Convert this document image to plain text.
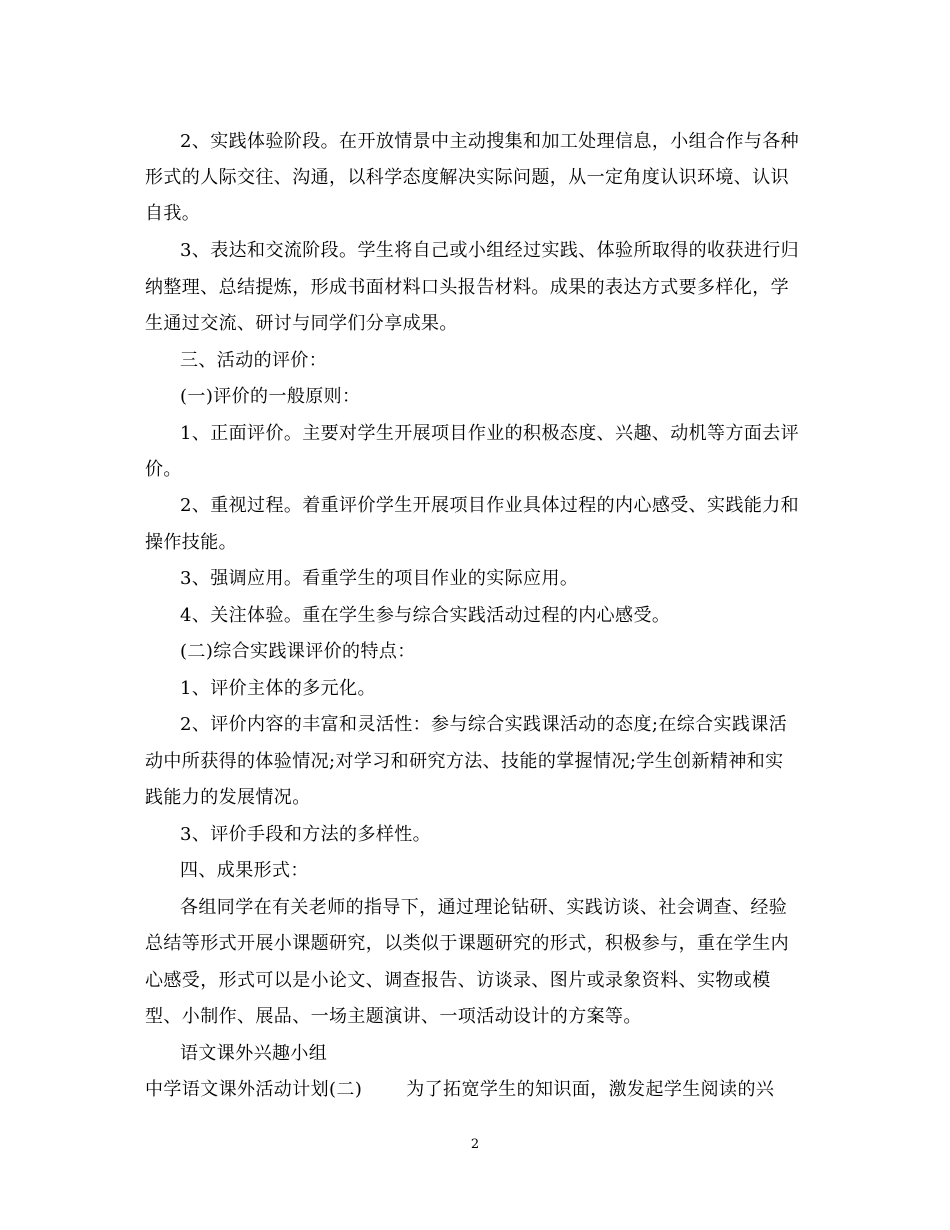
2、实践体验阶段。在开放情景中主动搜集和加工处理信息，小组合作与各种
形式的人际交往、沟通，以科学态度解决实际问题，从一定角度认识环境、认识
自我。
3、表达和交流阶段。学生将自己或小组经过实践、体验所取得的收获进行归
纳整理、总结提炼，形成书面材料口头报告材料。成果的表达方式要多样化，学
生通过交流、研讨与同学们分享成果。
三、活动的评价：
(一)评价的一般原则：
1、正面评价。主要对学生开展项目作业的积极态度、兴趣、动机等方面去评
价。
2、重视过程。着重评价学生开展项目作业具体过程的内心感受、实践能力和
操作技能。
3、强调应用。看重学生的项目作业的实际应用。
4、关注体验。重在学生参与综合实践活动过程的内心感受。
(二)综合实践课评价的特点：
1、评价主体的多元化。
2、评价内容的丰富和灵活性：参与综合实践课活动的态度;在综合实践课活
动中所获得的体验情况;对学习和研究方法、技能的掌握情况;学生创新精神和实
践能力的发展情况。
3、评价手段和方法的多样性。
四、成果形式：
各组同学在有关老师的指导下，通过理论钻研、实践访谈、社会调查、经验
总结等形式开展小课题研究，以类似于课题研究的形式，积极参与，重在学生内
心感受，形式可以是小论文、调查报告、访谈录、图片或录象资料、实物或模
型、小制作、展品、一场主题演讲、一项活动设计的方案等。
语文课外兴趣小组
中学语文课外活动计划(二) 为了拓宽学生的知识面，激发起学生阅读的兴
2
